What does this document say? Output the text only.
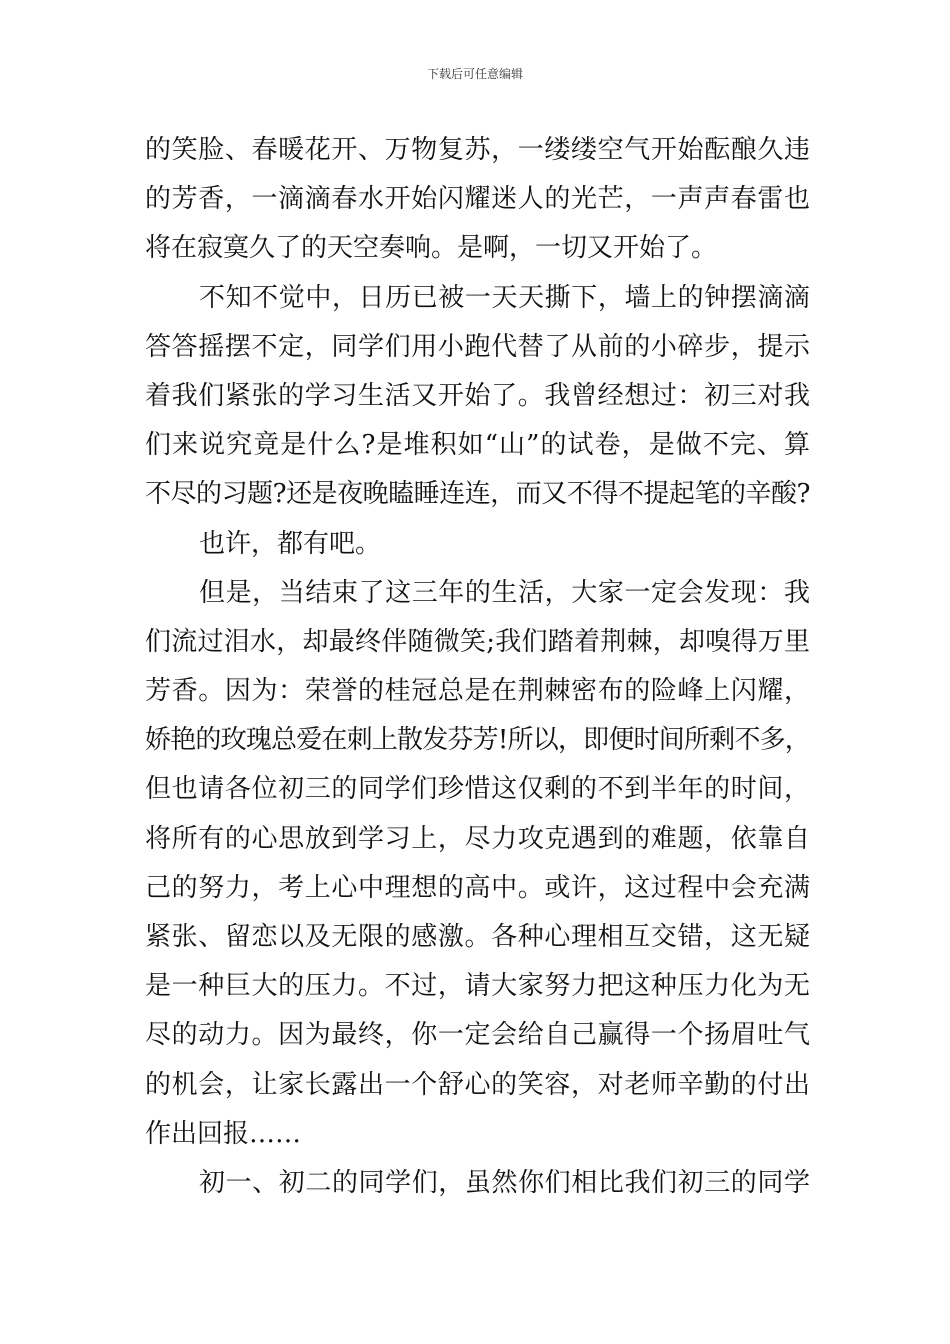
下载后可任意编辑
的笑脸、春暖花开、万物复苏，一缕缕空气开始酝酿久违
的芳香，一滴滴春水开始闪耀迷人的光芒，一声声春雷也
将在寂寞久了的天空奏响。是啊，一切又开始了。
不知不觉中，日历已被一天天撕下，墙上的钟摆滴滴
答答摇摆不定，同学们用小跑代替了从前的小碎步，提示
着我们紧张的学习生活又开始了。我曾经想过：初三对我
们来说究竟是什么?是堆积如“山”的试卷，是做不完、算
不尽的习题?还是夜晚瞌睡连连，而又不得不提起笔的辛酸?
也许，都有吧。
但是，当结束了这三年的生活，大家一定会发现：我
们流过泪水，却最终伴随微笑;我们踏着荆棘，却嗅得万里
芳香。因为：荣誉的桂冠总是在荆棘密布的险峰上闪耀，
娇艳的玫瑰总爱在刺上散发芬芳!所以，即便时间所剩不多，
但也请各位初三的同学们珍惜这仅剩的不到半年的时间，
将所有的心思放到学习上，尽力攻克遇到的难题，依靠自
己的努力，考上心中理想的高中。或许，这过程中会充满
紧张、留恋以及无限的感激。各种心理相互交错，这无疑
是一种巨大的压力。不过，请大家努力把这种压力化为无
尽的动力。因为最终，你一定会给自己赢得一个扬眉吐气
的机会，让家长露出一个舒心的笑容，对老师辛勤的付出
作出回报……
初一、初二的同学们，虽然你们相比我们初三的同学
